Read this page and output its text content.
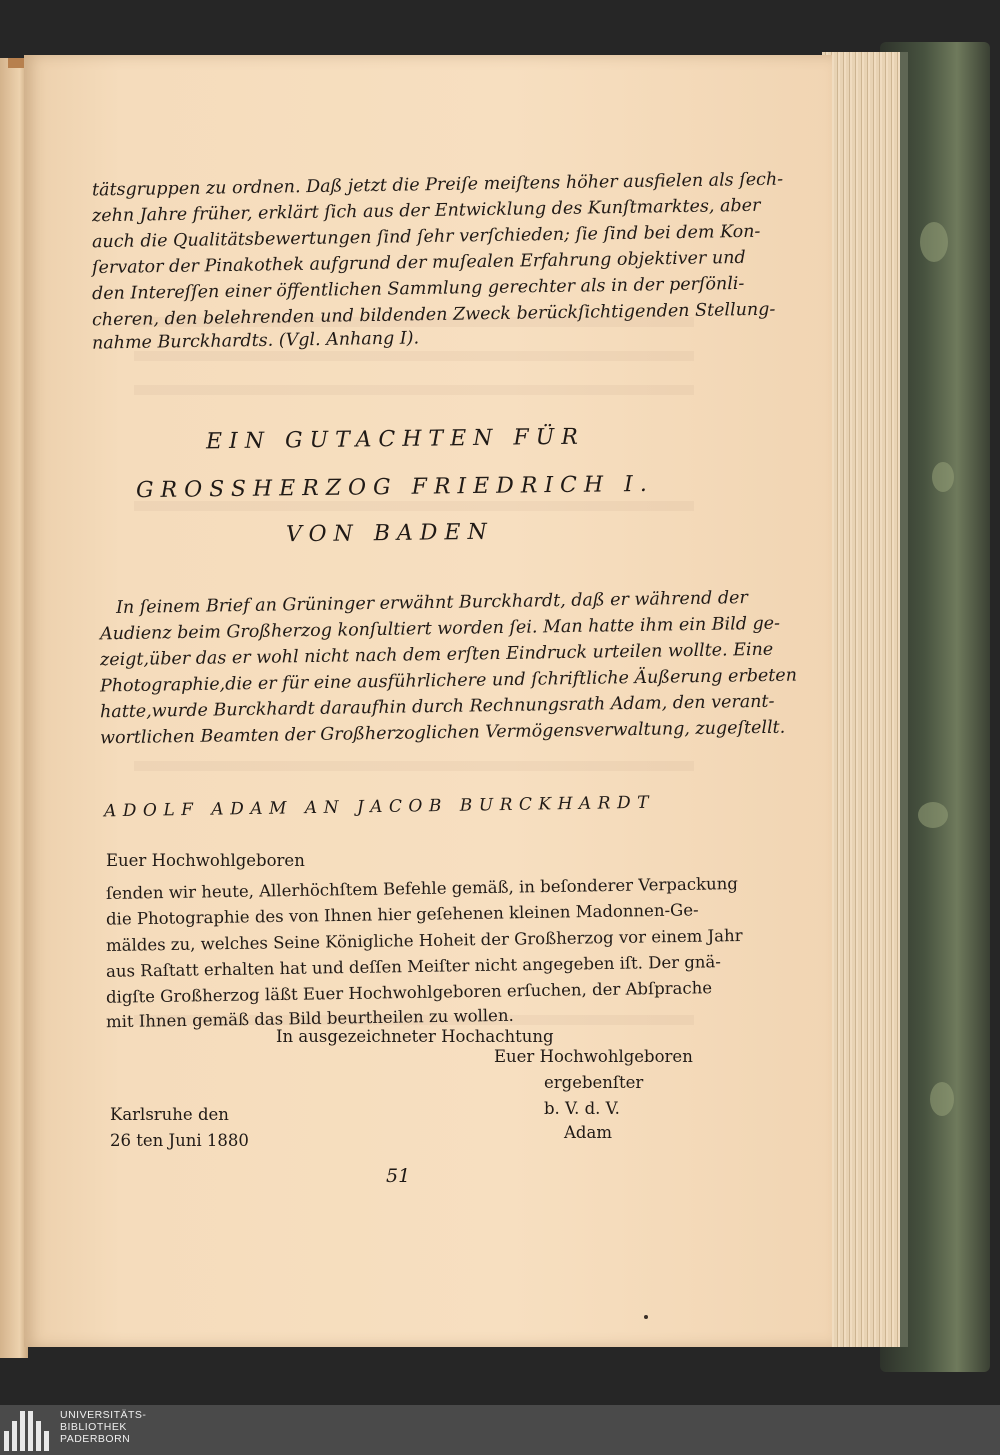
tätsgruppen zu ordnen. Daß jetzt die Preiſe meiſtens höher ausfielen als ſech-
zehn Jahre früher, erklärt ſich aus der Entwicklung des Kunſtmarktes, aber
auch die Qualitätsbewertungen ſind ſehr verſchieden; ſie ſind bei dem Kon-
ſervator der Pinakothek aufgrund der muſealen Erfahrung objektiver und
den Intereſſen einer öffentlichen Sammlung gerechter als in der perſönli-
cheren, den belehrenden und bildenden Zweck berückſichtigenden Stellung-
nahme Burckhardts. (Vgl. Anhang I).
EIN GUTACHTEN FÜR
GROSSHERZOG FRIEDRICH I.
VON BADEN
In ſeinem Brief an Grüninger erwähnt Burckhardt, daß er während der
Audienz beim Großherzog konſultiert worden ſei. Man hatte ihm ein Bild ge-
zeigt,über das er wohl nicht nach dem erſten Eindruck urteilen wollte. Eine
Photographie,die er für eine ausführlichere und ſchriftliche Äußerung erbeten
hatte,wurde Burckhardt daraufhin durch Rechnungsrath Adam, den verant-
wortlichen Beamten der Großherzoglichen Vermögensverwaltung, zugeſtellt.
ADOLF ADAM AN JACOB BURCKHARDT
Euer Hochwohlgeboren
ſenden wir heute, Allerhöchſtem Befehle gemäß, in beſonderer Verpackung
die Photographie des von Ihnen hier geſehenen kleinen Madonnen-Ge-
mäldes zu, welches Seine Königliche Hoheit der Großherzog vor einem Jahr
aus Raſtatt erhalten hat und deſſen Meiſter nicht angegeben iſt. Der gnä-
digſte Großherzog läßt Euer Hochwohlgeboren erſuchen, der Abſprache
mit Ihnen gemäß das Bild beurtheilen zu wollen.
In ausgezeichneter Hochachtung
Euer Hochwohlgeboren
ergebenſter
b. V. d. V.
Adam
Karlsruhe den
26 ten Juni 1880
51
UNIVERSITÄTS-
BIBLIOTHEK
PADERBORN
